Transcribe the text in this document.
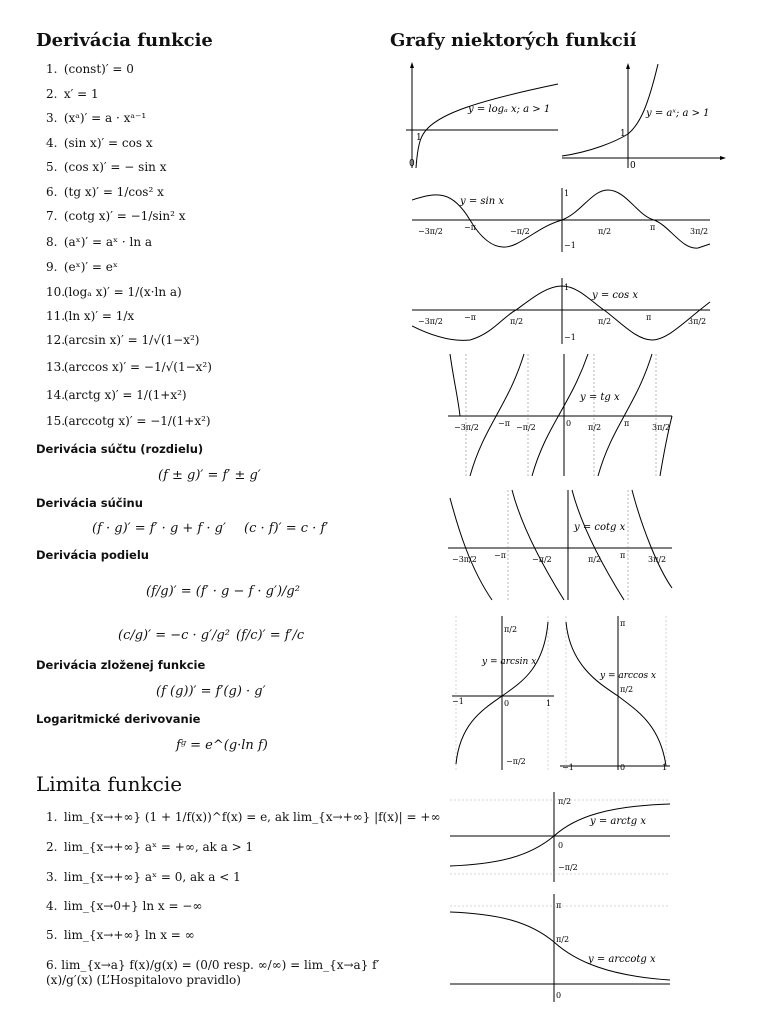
Derivácia funkcie	Grafy niektorých funkcií
1. (const)′ = 0
2. x′ = 1
3. (xᵃ)′ = a · xᵃ⁻¹
4. (sin x)′ = cos x
5. (cos x)′ = − sin x
6. (tg x)′ = 1/cos² x
7. (cotg x)′ = −1/sin² x
8. (aˣ)′ = aˣ · ln a
9. (eˣ)′ = eˣ
10. (logₐ x)′ = 1/(x·ln a)
11. (ln x)′ = 1/x
12. (arcsin x)′ = 1/√(1−x²)
13. (arccos x)′ = −1/√(1−x²)
14. (arctg x)′ = 1/(1+x²)
15. (arccotg x)′ = −1/(1+x²)
Derivácia súčtu (rozdielu)
(f ± g)′ = f′ ± g′
Derivácia súčinu
(f · g)′ = f′ · g + f · g′ (c · f)′ = c · f′
Derivácia podielu
(f/g)′ = (f′ · g − f · g′)/g²
(c/g)′ = −c · g′/g² (f/c)′ = f′/c
Derivácia zloženej funkcie
(f (g))′ = f′(g) · g′
Logaritmické derivovanie
fᵍ = e^(g·ln f)
Limita funkcie
1. lim_{x→+∞} (1 + 1/f(x))^f(x) = e, ak lim_{x→+∞} |f(x)| = +∞
2. lim_{x→+∞} aˣ = +∞, ak a > 1
3. lim_{x→+∞} aˣ = 0, ak a < 1
4. lim_{x→0+} ln x = −∞
5. lim_{x→+∞} ln x = ∞
6. lim_{x→a} f(x)/g(x) = (0/0 resp. ∞/∞) = lim_{x→a} f′(x)/g′(x) (L’Hospitalovo pravidlo)
1
0
y = logₐ x; a > 1
1
0
y = aˣ; a > 1
−3π/2	−π	−π/2	π/2	π	3π/2
1
−1
y = sin x
−3π/2	−π	π/2	π/2	π	3π/2
1
−1
y = cos x
−3π/2 −π −π/2	0 π/2	π	3π/2
y = tg x
−3π/2 −π	−π/2	π/2 π	3π/2
y = cotg x
π/2
−π/2
−1	0	1
y = arcsin x
π
π/2
−1	0	1
y = arccos x
π/2
0
−π/2
y = arctg x
π
π/2
0
y = arccotg x
